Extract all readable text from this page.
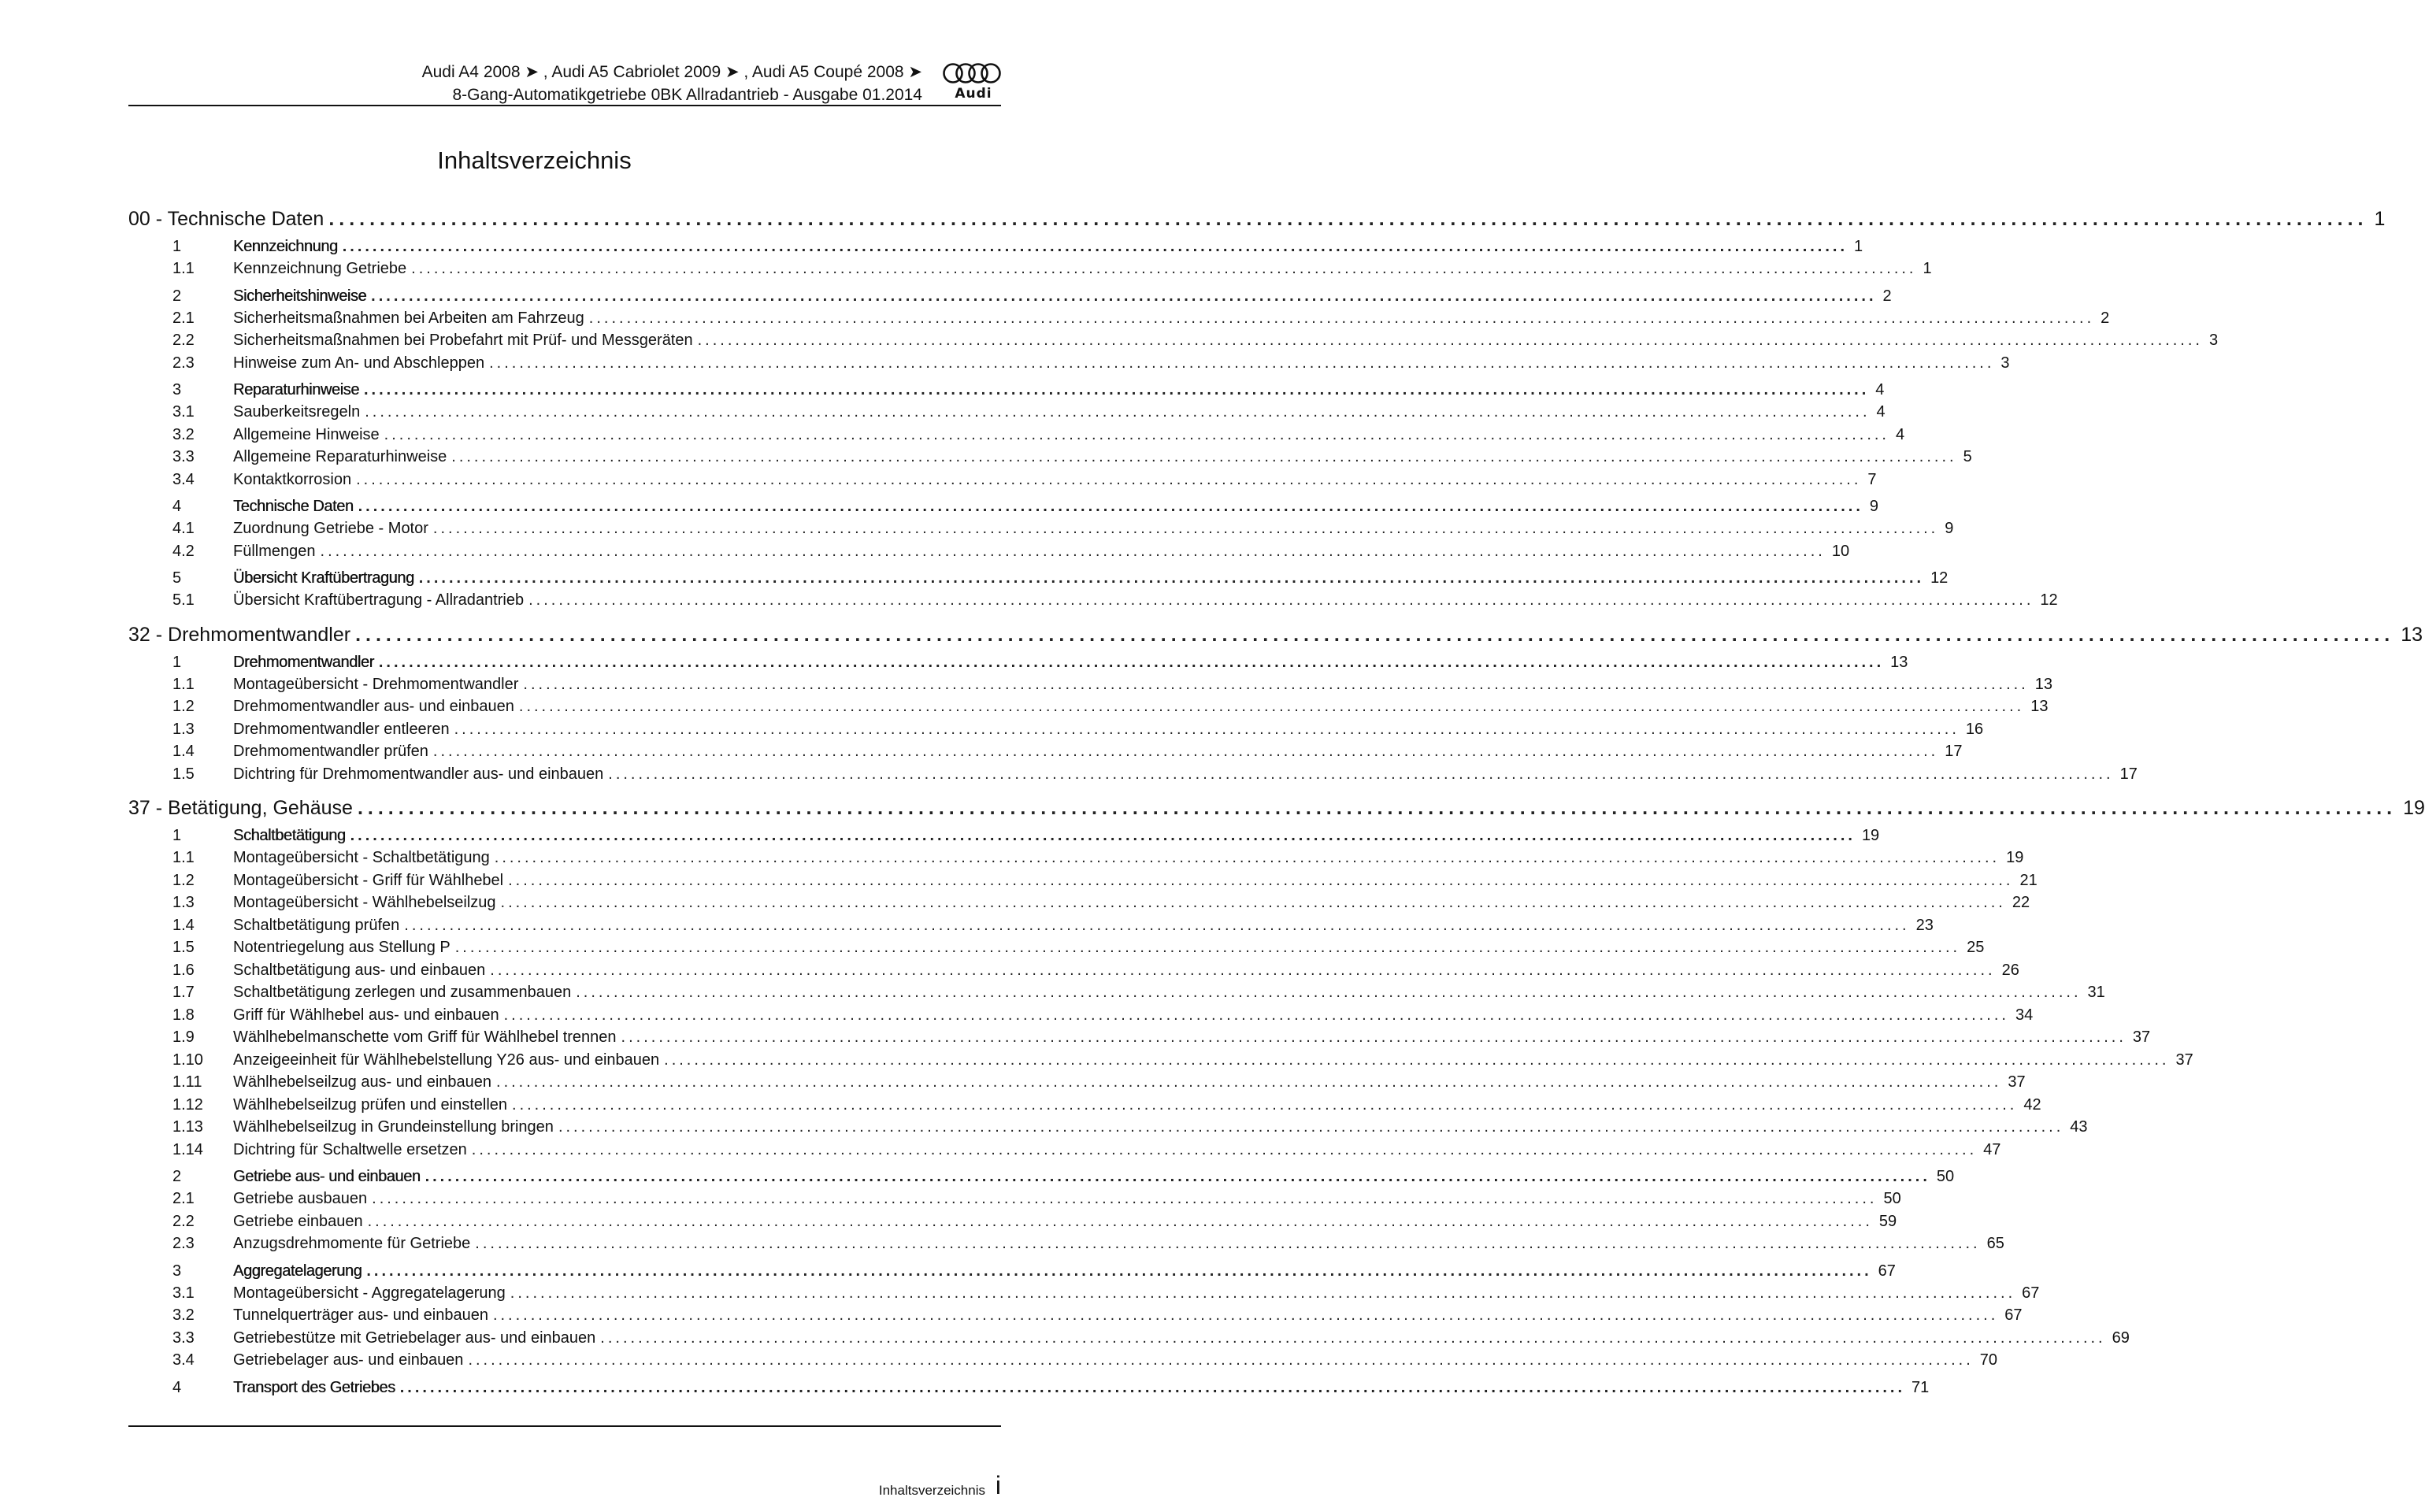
Audi A4 2008 ➤ , Audi A5 Cabriolet 2009 ➤ , Audi A5 Coupé 2008 ➤
8-Gang-Automatikgetriebe 0BK Allradantrieb - Ausgabe 01.2014	Audi
Inhaltsverzeichnis
00 - Technische Daten ........................................................................................................................................................................................................ 1
1	Kennzeichnung ........................................................................................................................................................................................................ 1
1.1	Kennzeichnung Getriebe ........................................................................................................................................................................................................ 1
2	Sicherheitshinweise ........................................................................................................................................................................................................ 2
2.1	Sicherheitsmaßnahmen bei Arbeiten am Fahrzeug ........................................................................................................................................................................................................ 2
2.2	Sicherheitsmaßnahmen bei Probefahrt mit Prüf- und Messgeräten ........................................................................................................................................................................................................ 3
2.3	Hinweise zum An- und Abschleppen ........................................................................................................................................................................................................ 3
3	Reparaturhinweise ........................................................................................................................................................................................................ 4
3.1	Sauberkeitsregeln ........................................................................................................................................................................................................ 4
3.2	Allgemeine Hinweise ........................................................................................................................................................................................................ 4
3.3	Allgemeine Reparaturhinweise ........................................................................................................................................................................................................ 5
3.4	Kontaktkorrosion ........................................................................................................................................................................................................ 7
4	Technische Daten ........................................................................................................................................................................................................ 9
4.1	Zuordnung Getriebe - Motor ........................................................................................................................................................................................................ 9
4.2	Füllmengen ........................................................................................................................................................................................................ 10
5	Übersicht Kraftübertragung ........................................................................................................................................................................................................ 12
5.1	Übersicht Kraftübertragung - Allradantrieb ........................................................................................................................................................................................................ 12
32 - Drehmomentwandler ........................................................................................................................................................................................................ 13
1	Drehmomentwandler ........................................................................................................................................................................................................ 13
1.1	Montageübersicht - Drehmomentwandler ........................................................................................................................................................................................................ 13
1.2	Drehmomentwandler aus- und einbauen ........................................................................................................................................................................................................ 13
1.3	Drehmomentwandler entleeren ........................................................................................................................................................................................................ 16
1.4	Drehmomentwandler prüfen ........................................................................................................................................................................................................ 17
1.5	Dichtring für Drehmomentwandler aus- und einbauen ........................................................................................................................................................................................................ 17
37 - Betätigung, Gehäuse ........................................................................................................................................................................................................ 19
1	Schaltbetätigung ........................................................................................................................................................................................................ 19
1.1	Montageübersicht - Schaltbetätigung ........................................................................................................................................................................................................ 19
1.2	Montageübersicht - Griff für Wählhebel ........................................................................................................................................................................................................ 21
1.3	Montageübersicht - Wählhebelseilzug ........................................................................................................................................................................................................ 22
1.4	Schaltbetätigung prüfen ........................................................................................................................................................................................................ 23
1.5	Notentriegelung aus Stellung P ........................................................................................................................................................................................................ 25
1.6	Schaltbetätigung aus- und einbauen ........................................................................................................................................................................................................ 26
1.7	Schaltbetätigung zerlegen und zusammenbauen ........................................................................................................................................................................................................ 31
1.8	Griff für Wählhebel aus- und einbauen ........................................................................................................................................................................................................ 34
1.9	Wählhebelmanschette vom Griff für Wählhebel trennen ........................................................................................................................................................................................................ 37
1.10	Anzeigeeinheit für Wählhebelstellung Y26 aus- und einbauen ........................................................................................................................................................................................................ 37
1.11	Wählhebelseilzug aus- und einbauen ........................................................................................................................................................................................................ 37
1.12	Wählhebelseilzug prüfen und einstellen ........................................................................................................................................................................................................ 42
1.13	Wählhebelseilzug in Grundeinstellung bringen ........................................................................................................................................................................................................ 43
1.14	Dichtring für Schaltwelle ersetzen ........................................................................................................................................................................................................ 47
2	Getriebe aus- und einbauen ........................................................................................................................................................................................................ 50
2.1	Getriebe ausbauen ........................................................................................................................................................................................................ 50
2.2	Getriebe einbauen ........................................................................................................................................................................................................ 59
2.3	Anzugsdrehmomente für Getriebe ........................................................................................................................................................................................................ 65
3	Aggregatelagerung ........................................................................................................................................................................................................ 67
3.1	Montageübersicht - Aggregatelagerung ........................................................................................................................................................................................................ 67
3.2	Tunnelquerträger aus- und einbauen ........................................................................................................................................................................................................ 67
3.3	Getriebestütze mit Getriebelager aus- und einbauen ........................................................................................................................................................................................................ 69
3.4	Getriebelager aus- und einbauen ........................................................................................................................................................................................................ 70
4	Transport des Getriebes ........................................................................................................................................................................................................ 71
Inhaltsverzeichnis i
